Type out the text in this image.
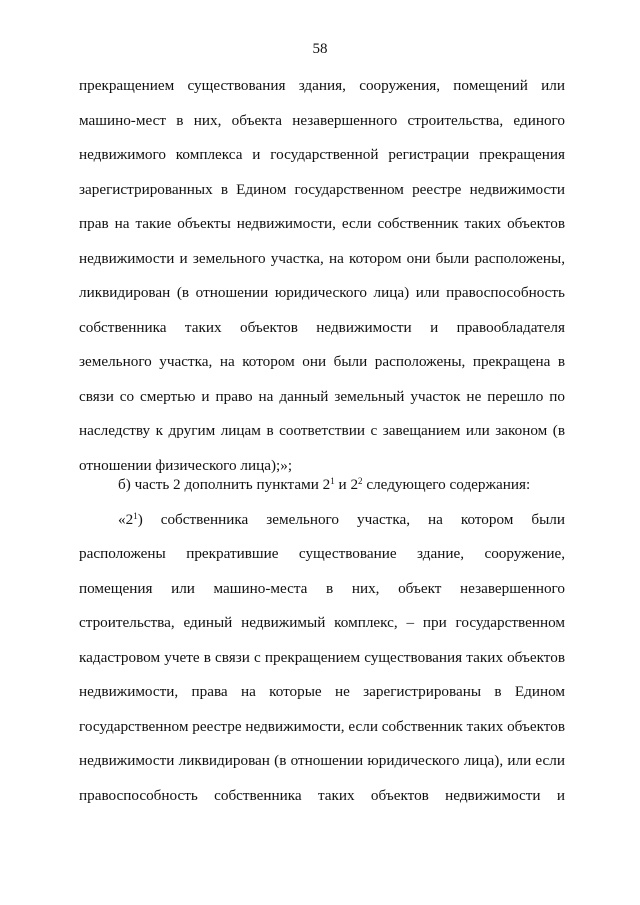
58
прекращением существования здания, сооружения, помещений или
машино-мест в них, объекта незавершенного строительства, единого
недвижимого комплекса и государственной регистрации прекращения
зарегистрированных в Едином государственном реестре недвижимости
прав на такие объекты недвижимости, если собственник таких объектов
недвижимости и земельного участка, на котором они были расположены,
ликвидирован (в отношении юридического лица) или правоспособность
собственника таких объектов недвижимости и правообладателя
земельного участка, на котором они были расположены, прекращена в
связи со смертью и право на данный земельный участок не перешло по
наследству к другим лицам в соответствии с завещанием или законом (в
отношении физического лица);»;
б) часть 2 дополнить пунктами $2^1$ и $2^2$ следующего содержания:
«$2^1$) собственника земельного участка, на котором были
расположены прекратившие существование здание, сооружение,
помещения или машино-места в них, объект незавершенного
строительства, единый недвижимый комплекс, – при государственном
кадастровом учете в связи с прекращением существования таких объектов
недвижимости, права на которые не зарегистрированы в Едином
государственном реестре недвижимости, если собственник таких объектов
недвижимости ликвидирован (в отношении юридического лица), или если
правоспособность собственника таких объектов недвижимости и
